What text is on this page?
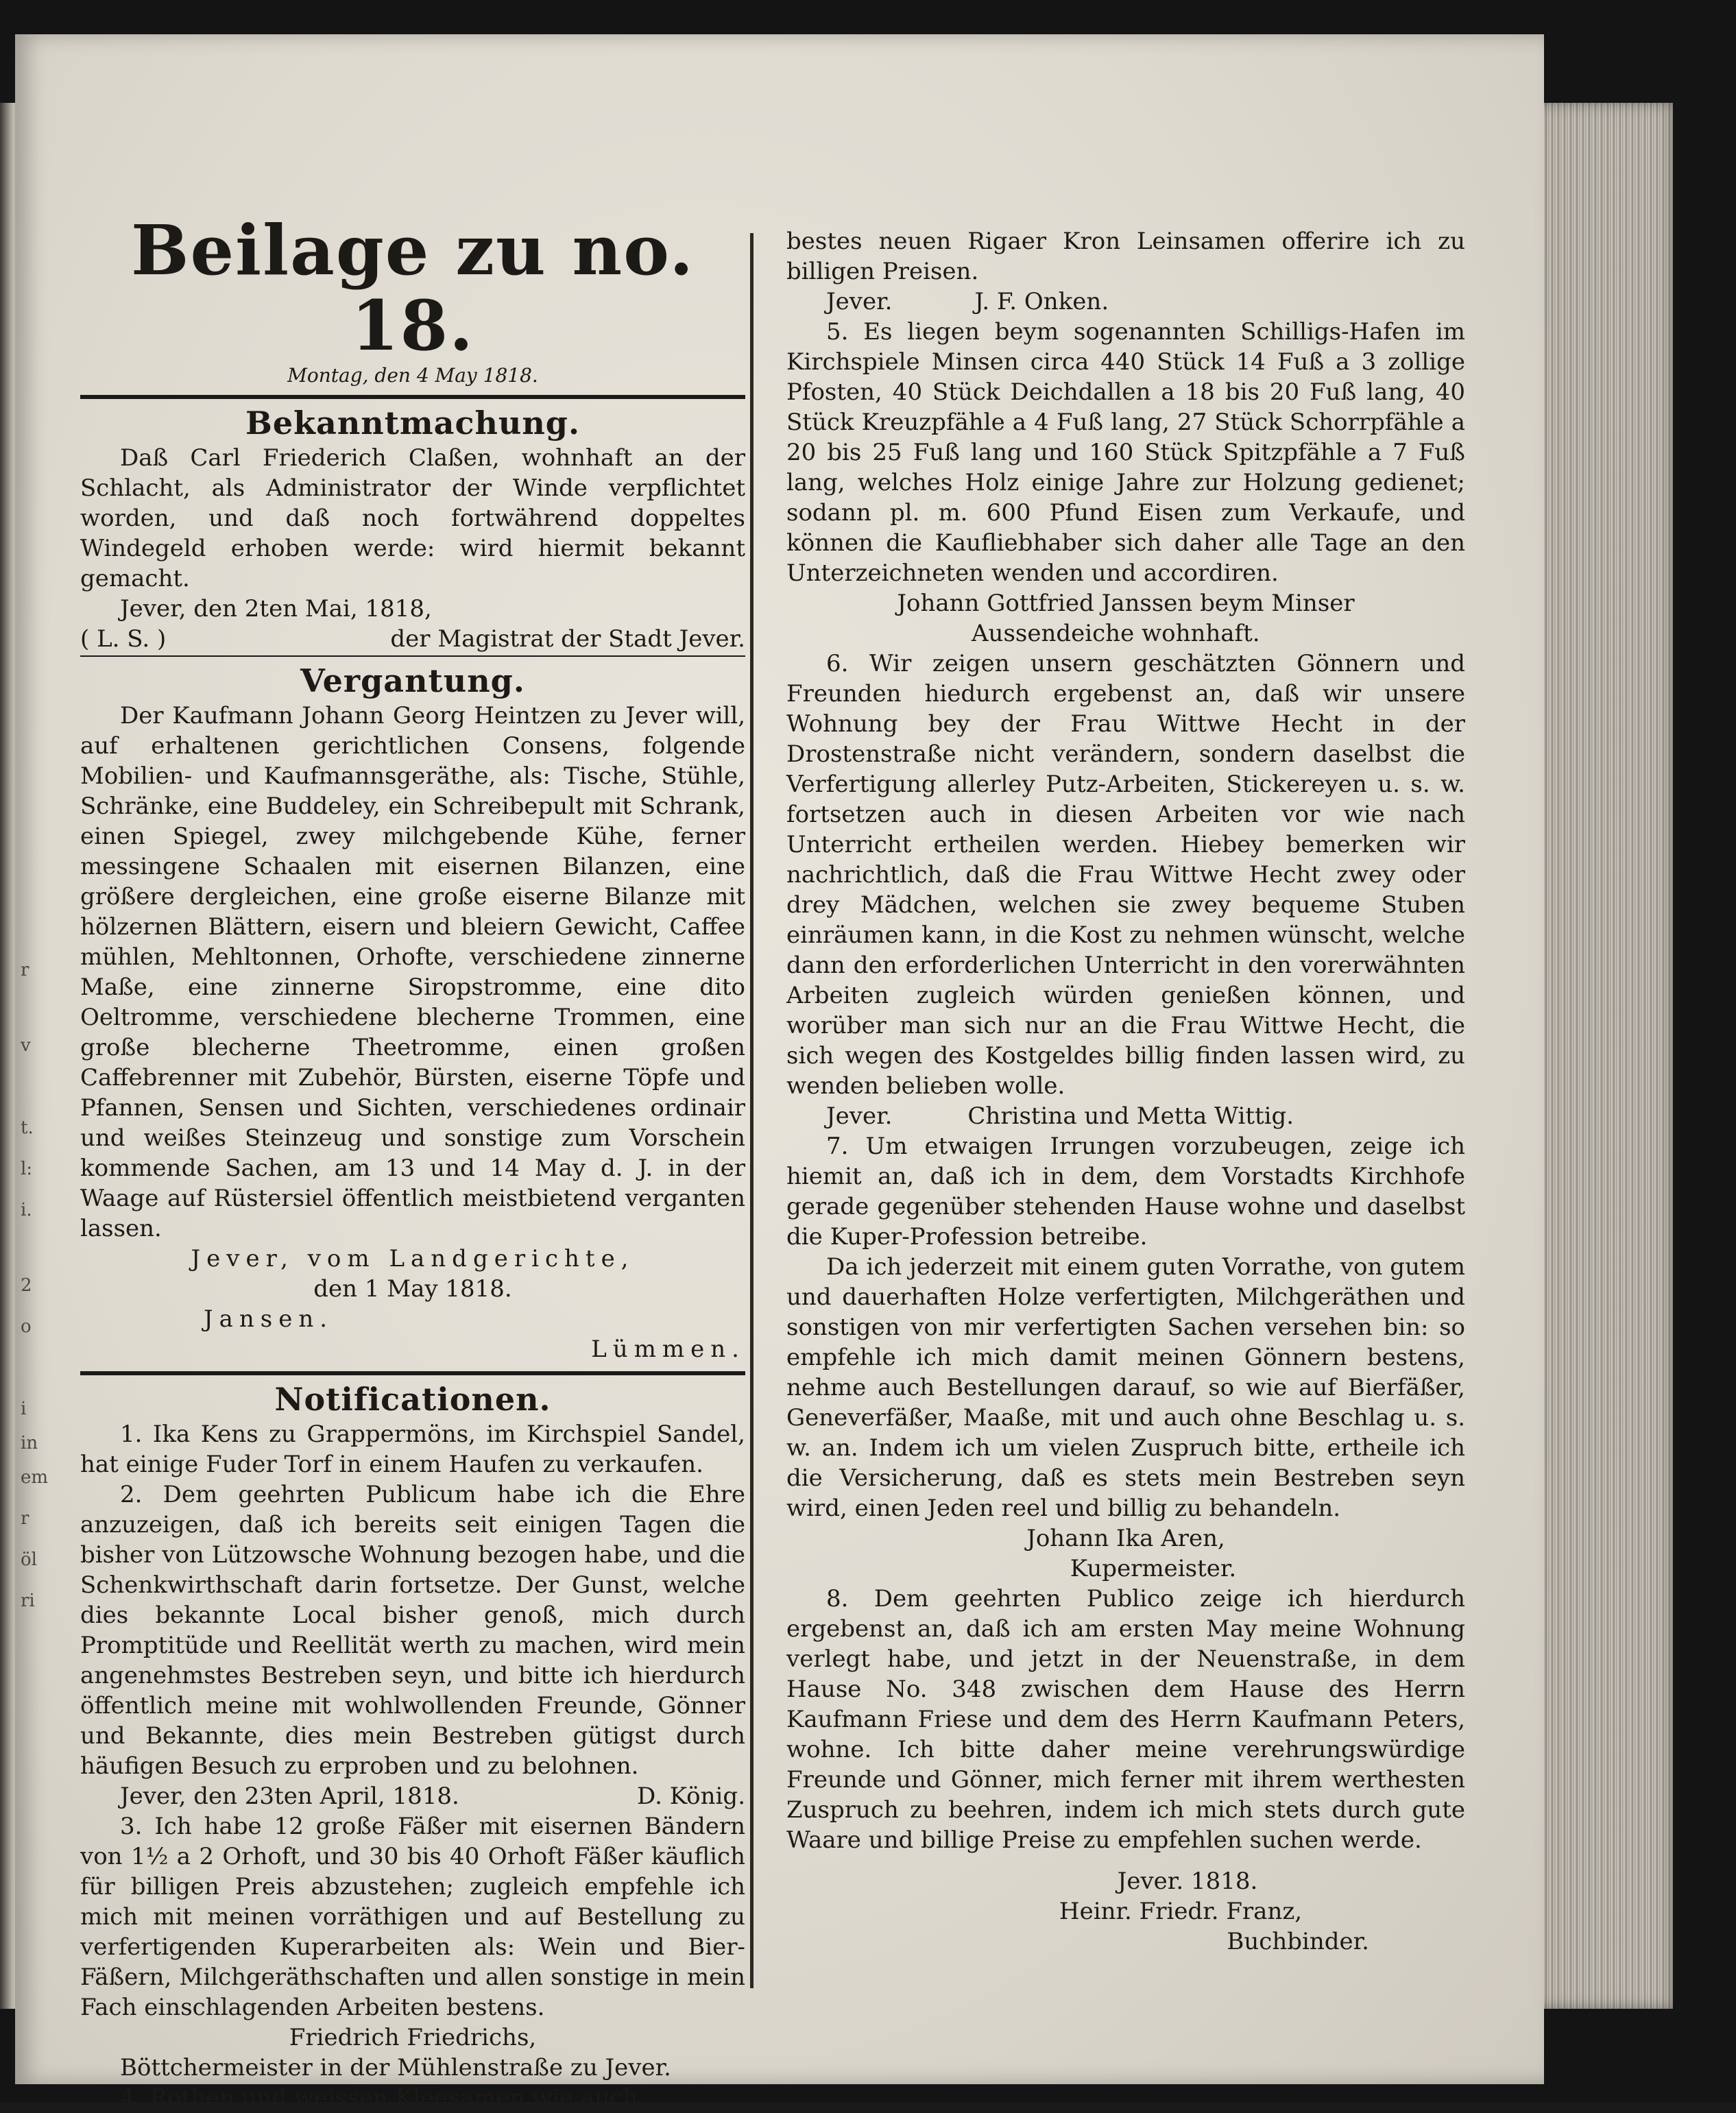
r
v
t.
l:
i.
2
o
i
in
em
r
öl
ri
Beilage zu no. 18.
Montag, den 4 May 1818.
Bekanntmachung.

Daß Carl Friederich Claßen, wohnhaft an der Schlacht, als Administrator der Winde verpflichtet worden, und daß noch fortwährend doppeltes Windegeld erhoben werde: wird hiermit bekannt gemacht.

Jever, den 2ten Mai, 1818,

( L. S. )	der Magistrat der Stadt Jever.
Vergantung.

Der Kaufmann Johann Georg Heintzen zu Jever will, auf erhaltenen gerichtlichen Consens, folgende Mobilien- und Kaufmannsgeräthe, als: Tische, Stühle, Schränke, eine Buddeley, ein Schreibepult mit Schrank, einen Spiegel, zwey milchgebende Kühe, ferner messingene Schaalen mit eisernen Bilanzen, eine größere dergleichen, eine große eiserne Bilanze mit hölzernen Blättern, eisern und bleiern Gewicht, Caffee mühlen, Mehltonnen, Orhofte, verschiedene zinnerne Maße, eine zinnerne Siropstromme, eine dito Oeltromme, verschiedene blecherne Trommen, eine große blecherne Theetromme, einen großen Caffebrenner mit Zubehör, Bürsten, eiserne Töpfe und Pfannen, Sensen und Sichten, verschiedenes ordinair und weißes Steinzeug und sonstige zum Vorschein kommende Sachen, am 13 und 14 May d. J. in der Waage auf Rüstersiel öffentlich meistbietend verganten lassen.

Jever, vom Landgerichte,

den 1 May 1818.

Jansen.

Lümmen.

Notificationen.

1. Ika Kens zu Grappermöns, im Kirchspiel Sandel, hat einige Fuder Torf in einem Haufen zu verkaufen.

2. Dem geehrten Publicum habe ich die Ehre anzuzeigen, daß ich bereits seit einigen Tagen die bisher von Lützowsche Wohnung bezogen habe, und die Schenkwirthschaft darin fortsetze. Der Gunst, welche dies bekannte Local bisher genoß, mich durch Promptitüde und Reellität werth zu machen, wird mein angenehmstes Bestreben seyn, und bitte ich hierdurch öffentlich meine mit wohlwollenden Freunde, Gönner und Bekannte, dies mein Bestreben gütigst durch häufigen Besuch zu erproben und zu belohnen.

Jever, den 23ten April, 1818.	D. König.

3. Ich habe 12 große Fäßer mit eisernen Bändern von 1½ a 2 Orhoft, und 30 bis 40 Orhoft Fäßer käuflich für billigen Preis abzustehen; zugleich empfehle ich mich mit meinen vorräthigen und auf Bestellung zu verfertigenden Kuperarbeiten als: Wein und Bier-Fäßern, Milchgeräthschaften und allen sonstige in mein Fach einschlagenden Arbeiten bestens.

Friedrich Friedrichs,

Böttchermeister in der Mühlenstraße zu Jever.

4. Rothen und weissen Kleesamen wie auch

bestes neuen Rigaer Kron Leinsamen offerire ich zu billigen Preisen.

Jever.	J. F. Onken.

5. Es liegen beym sogenannten Schilligs-Hafen im Kirchspiele Minsen circa 440 Stück 14 Fuß a 3 zollige Pfosten, 40 Stück Deichdallen a 18 bis 20 Fuß lang, 40 Stück Kreuzpfähle a 4 Fuß lang, 27 Stück Schorrpfähle a 20 bis 25 Fuß lang und 160 Stück Spitzpfähle a 7 Fuß lang, welches Holz einige Jahre zur Holzung gedienet; sodann pl. m. 600 Pfund Eisen zum Verkaufe, und können die Kaufliebhaber sich daher alle Tage an den Unterzeichneten wenden und accordiren.

Johann Gottfried Janssen beym Minser

Aussendeiche wohnhaft.

6. Wir zeigen unsern geschätzten Gönnern und Freunden hiedurch ergebenst an, daß wir unsere Wohnung bey der Frau Wittwe Hecht in der Drostenstraße nicht verändern, sondern daselbst die Verfertigung allerley Putz-Arbeiten, Stickereyen u. s. w. fortsetzen auch in diesen Arbeiten vor wie nach Unterricht ertheilen werden. Hiebey bemerken wir nachrichtlich, daß die Frau Wittwe Hecht zwey oder drey Mädchen, welchen sie zwey bequeme Stuben einräumen kann, in die Kost zu nehmen wünscht, welche dann den erforderlichen Unterricht in den vorerwähnten Arbeiten zugleich würden genießen können, und worüber man sich nur an die Frau Wittwe Hecht, die sich wegen des Kostgeldes billig finden lassen wird, zu wenden belieben wolle.

Jever.	Christina und Metta Wittig.

7. Um etwaigen Irrungen vorzubeugen, zeige ich hiemit an, daß ich in dem, dem Vorstadts Kirchhofe gerade gegenüber stehenden Hause wohne und daselbst die Kuper-Profession betreibe.

Da ich jederzeit mit einem guten Vorrathe, von gutem und dauerhaften Holze verfertigten, Milchgeräthen und sonstigen von mir verfertigten Sachen versehen bin: so empfehle ich mich damit meinen Gönnern bestens, nehme auch Bestellungen darauf, so wie auf Bierfäßer, Geneverfäßer, Maaße, mit und auch ohne Beschlag u. s. w. an. Indem ich um vielen Zuspruch bitte, ertheile ich die Versicherung, daß es stets mein Bestreben seyn wird, einen Jeden reel und billig zu behandeln.

Johann Ika Aren,

Kupermeister.

8. Dem geehrten Publico zeige ich hierdurch ergebenst an, daß ich am ersten May meine Wohnung verlegt habe, und jetzt in der Neuenstraße, in dem Hause No. 348 zwischen dem Hause des Herrn Kaufmann Friese und dem des Herrn Kaufmann Peters, wohne. Ich bitte daher meine verehrungswürdige Freunde und Gönner, mich ferner mit ihrem werthesten Zuspruch zu beehren, indem ich mich stets durch gute Waare und billige Preise zu empfehlen suchen werde.

Jever. 1818.

Heinr. Friedr. Franz,

Buchbinder.
